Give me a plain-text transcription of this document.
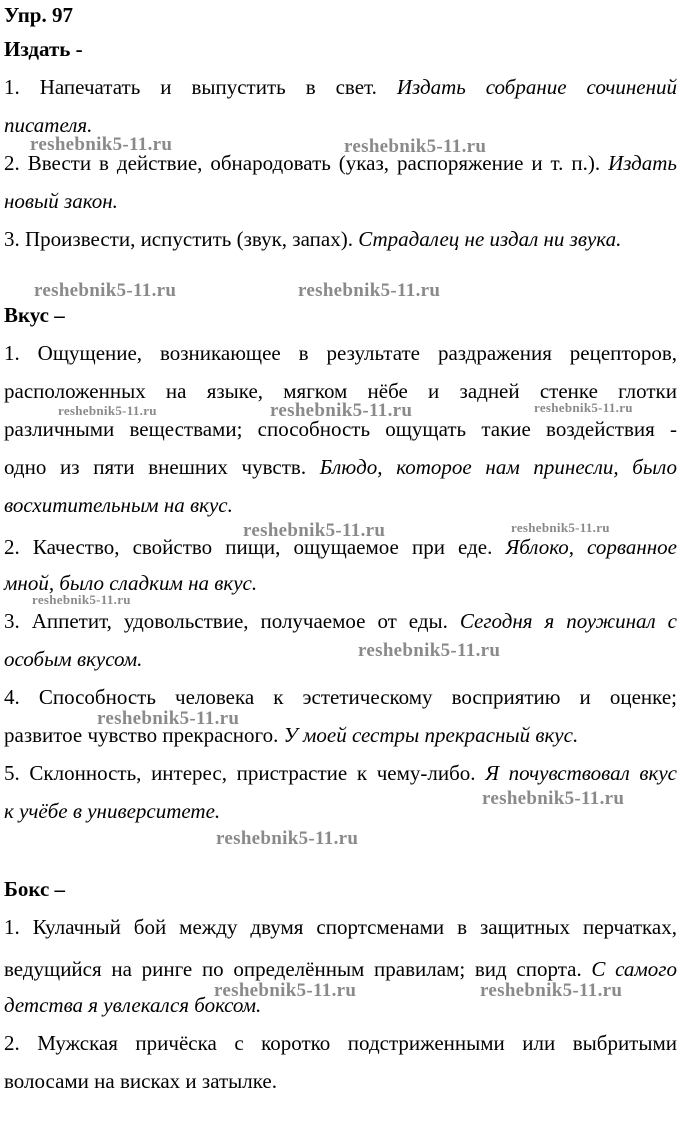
Упр. 97
Издать -
1. Напечатать и выпустить в свет. Издать собрание сочинений
писателя.
2. Ввести в действие, обнародовать (указ, распоряжение и т. п.). Издать
новый закон.
3. Произвести, испустить (звук, запах). Страдалец не издал ни звука.
Вкус –
1. Ощущение, возникающее в результате раздражения рецепторов,
расположенных на языке, мягком нёбе и задней стенке глотки
различными веществами; способность ощущать такие воздействия -
одно из пяти внешних чувств. Блюдо, которое нам принесли, было
восхитительным на вкус.
2. Качество, свойство пищи, ощущаемое при еде. Яблоко, сорванное
мной, было сладким на вкус.
3. Аппетит, удовольствие, получаемое от еды. Сегодня я поужинал с
особым вкусом.
4. Способность человека к эстетическому восприятию и оценке;
развитое чувство прекрасного. У моей сестры прекрасный вкус.
5. Склонность, интерес, пристрастие к чему-либо. Я почувствовал вкус
к учёбе в университете.
Бокс –
1. Кулачный бой между двумя спортсменами в защитных перчатках,
ведущийся на ринге по определённым правилам; вид спорта. С самого
детства я увлекался боксом.
2. Мужская причёска с коротко подстриженными или выбритыми
волосами на висках и затылке.
reshebnik5-11.ru	reshebnik5-11.ru
reshebnik5-11.ru	reshebnik5-11.ru
reshebnik5-11.ru	reshebnik5-11.ru	reshebnik5-11.ru
reshebnik5-11.ru	reshebnik5-11.ru
reshebnik5-11.ru
reshebnik5-11.ru
reshebnik5-11.ru
reshebnik5-11.ru
reshebnik5-11.ru
reshebnik5-11.ru	reshebnik5-11.ru
